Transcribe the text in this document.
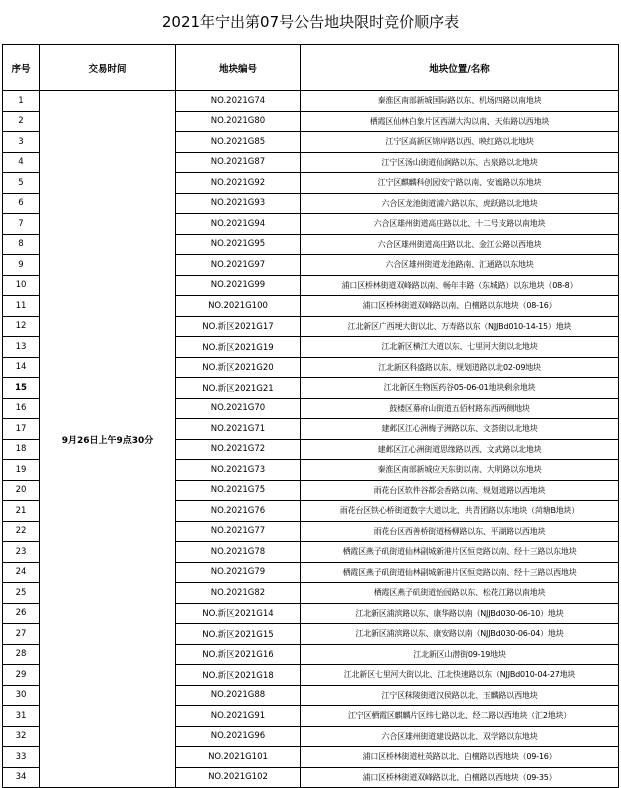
2021年宁出第07号公告地块限时竞价顺序表
序号	交易时间	地块编号	地块位置/名称
1	9月26日上午9点30分	NO.2021G74	秦淮区南部新城国际路以东、机场四路以南地块
2		NO.2021G80	栖霞区仙林白象片区西湖大沟以南、天佑路以西地块
3		NO.2021G85	江宁区高新区锦岸路以西、映红路以北地块
4		NO.2021G87	江宁区汤山街道仙涧路以东、古泉路以北地块
5		NO.2021G92	江宁区麒麟科创园安宁路以南、安谧路以东地块
6		NO.2021G93	六合区龙池街道浦六路以东、虎跃路以北地块
7		NO.2021G94	六合区雄州街道高庄路以北、十二号支路以南地块
8		NO.2021G95	六合区雄州街道高庄路以北、金江公路以西地块
9		NO.2021G97	六合区雄州街道龙池路南、汇通路以东地块
10		NO.2021G99	浦口区桥林街道双峰路以南、畅年丰路（东城路）以东地块（08-8）
11		NO.2021G100	浦口区桥林街道双峰路以南、白檀路以东地块（08-16）
12		NO.新区2021G17	江北新区广西埂大街以北、万寿路以东（NJJBd010-14-15）地块
13		NO.新区2021G19	江北新区横江大道以东、七里河大街以北地块
14		NO.新区2021G20	江北新区科盛路以东、规划道路以北02-09地块
15		NO.新区2021G21	江北新区生物医药谷05-06-01地块剩余地块
16		NO.2021G70	鼓楼区幕府山街道五佰村路东西两侧地块
17		NO.2021G71	建邺区江心洲梅子洲路以东、文荟街以北地块
18		NO.2021G72	建邺区江心洲街道思缘路以西、文武路以北地块
19		NO.2021G73	秦淮区南部新城应天东街以南、大明路以东地块
20		NO.2021G75	雨花台区软件谷都会香路以南、规划道路以西地块
21		NO.2021G76	雨花台区铁心桥街道数字大道以北、共青团路以东地块（菏塘B地块）
22		NO.2021G77	雨花台区西善桥街道杨柳路以东、平湖路以西地块
23		NO.2021G78	栖霞区燕子矶街道仙林副城新港片区恒竞路以南、经十三路以东地块
24		NO.2021G79	栖霞区燕子矶街道仙林副城新港片区恒竞路以南、经十三路以西地块
25		NO.2021G82	栖霞区燕子矶街道怡园路以东、松花江路以南地块
26		NO.新区2021G14	江北新区浦滨路以东、康华路以南（NJJBd030-06-10）地块
27		NO.新区2021G15	江北新区浦滨路以东、康安路以南（NJJBd030-06-04）地块
28		NO.新区2021G16	江北新区山潜街09-19地块
29		NO.新区2021G18	江北新区七里河大街以北、江北快速路以东（NJJBd010-04-27地块
30		NO.2021G88	江宁区秣陵街道汉侯路以北、玉麟路以西地块
31		NO.2021G91	江宁区栖霞区麒麟片区纬七路以北、经二路以西地块（汇2地块）
32		NO.2021G96	六合区雄州街道建设路以北、双学路以东地块
33		NO.2021G101	浦口区桥林街道杜英路以北、白檀路以西地块（09-16）
34		NO.2021G102	浦口区桥林街道双峰路以北、白檀路以西地块（09-35）
